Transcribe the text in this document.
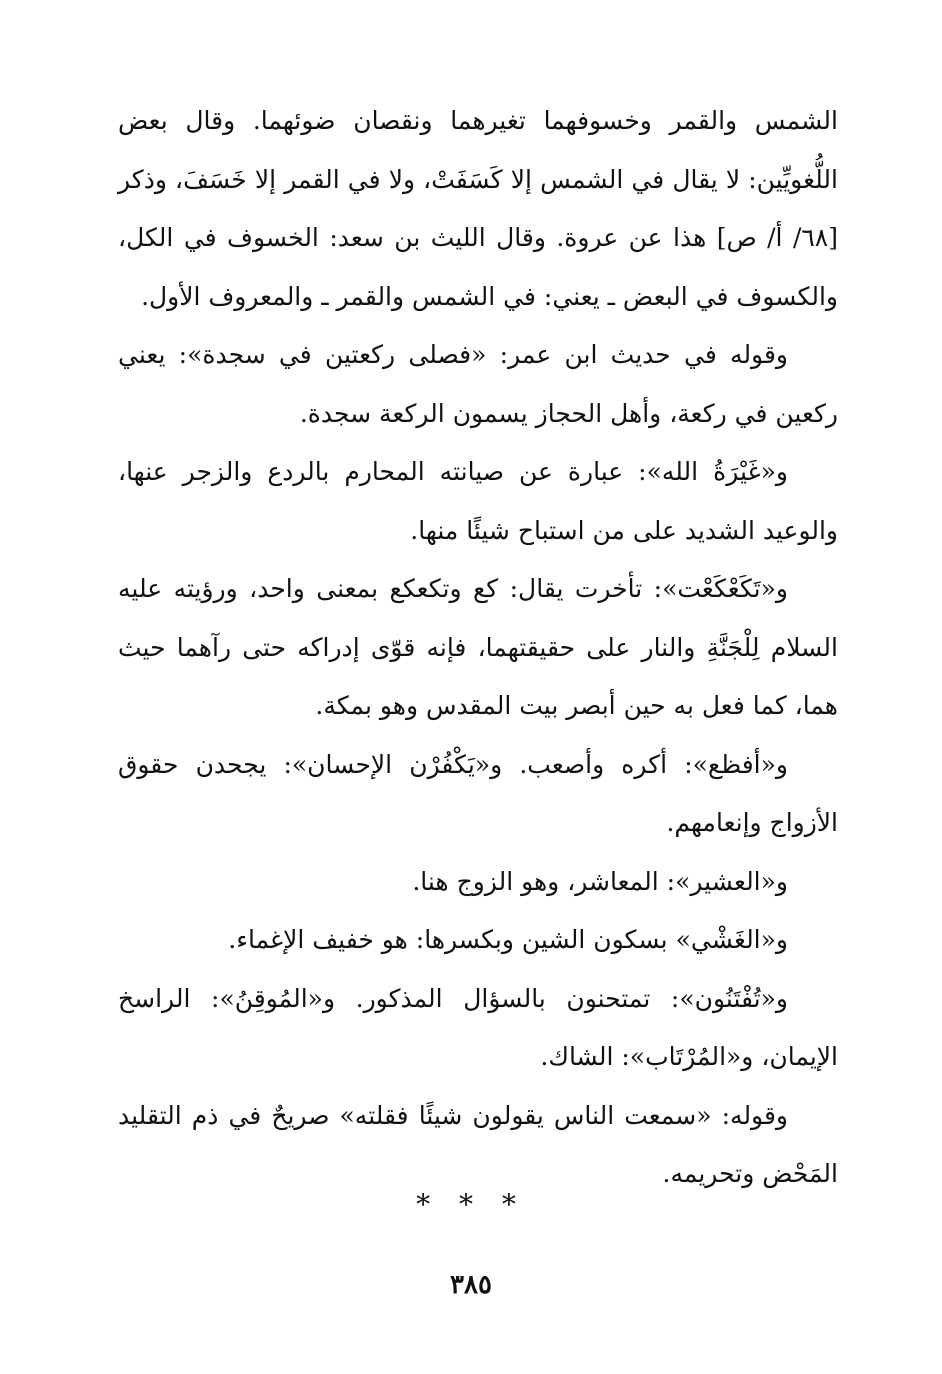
الشمس والقمر وخسوفهما تغيرهما ونقصان ضوئهما. وقال بعض اللُّغويِّين: لا يقال في الشمس إلا كَسَفَتْ، ولا في القمر إلا خَسَفَ، وذكر [٦٨/ أ/ ص] هذا عن عروة. وقال الليث بن سعد: الخسوف في الكل، والكسوف في البعض ـ يعني: في الشمس والقمر ـ والمعروف الأول.

وقوله في حديث ابن عمر: «فصلى ركعتين في سجدة»: يعني ركعين في ركعة، وأهل الحجاز يسمون الركعة سجدة.

و«غَيْرَةُ الله»: عبارة عن صيانته المحارم بالردع والزجر عنها، والوعيد الشديد على من استباح شيئًا منها.

و«تَكَعْكَعْت»: تأخرت يقال: كع وتكعكع بمعنى واحد، ورؤيته عليه السلام لِلْجَنَّةِ والنار على حقيقتهما، فإنه قوّى إدراكه حتى رآهما حيث هما، كما فعل به حين أبصر بيت المقدس وهو بمكة.

و«أفظع»: أكره وأصعب. و«يَكْفُرْن الإحسان»: يجحدن حقوق الأزواج وإنعامهم.

و«العشير»: المعاشر، وهو الزوج هنا.

و«الغَشْي» بسكون الشين وبكسرها: هو خفيف الإغماء.

و«تُفْتَنُون»: تمتحنون بالسؤال المذكور. و«المُوقِنُ»: الراسخ الإيمان، و«المُرْتَاب»: الشاك.

وقوله: «سمعت الناس يقولون شيئًا فقلته» صريحٌ في ذم التقليد المَحْض وتحريمه.

* * *
٣٨٥
